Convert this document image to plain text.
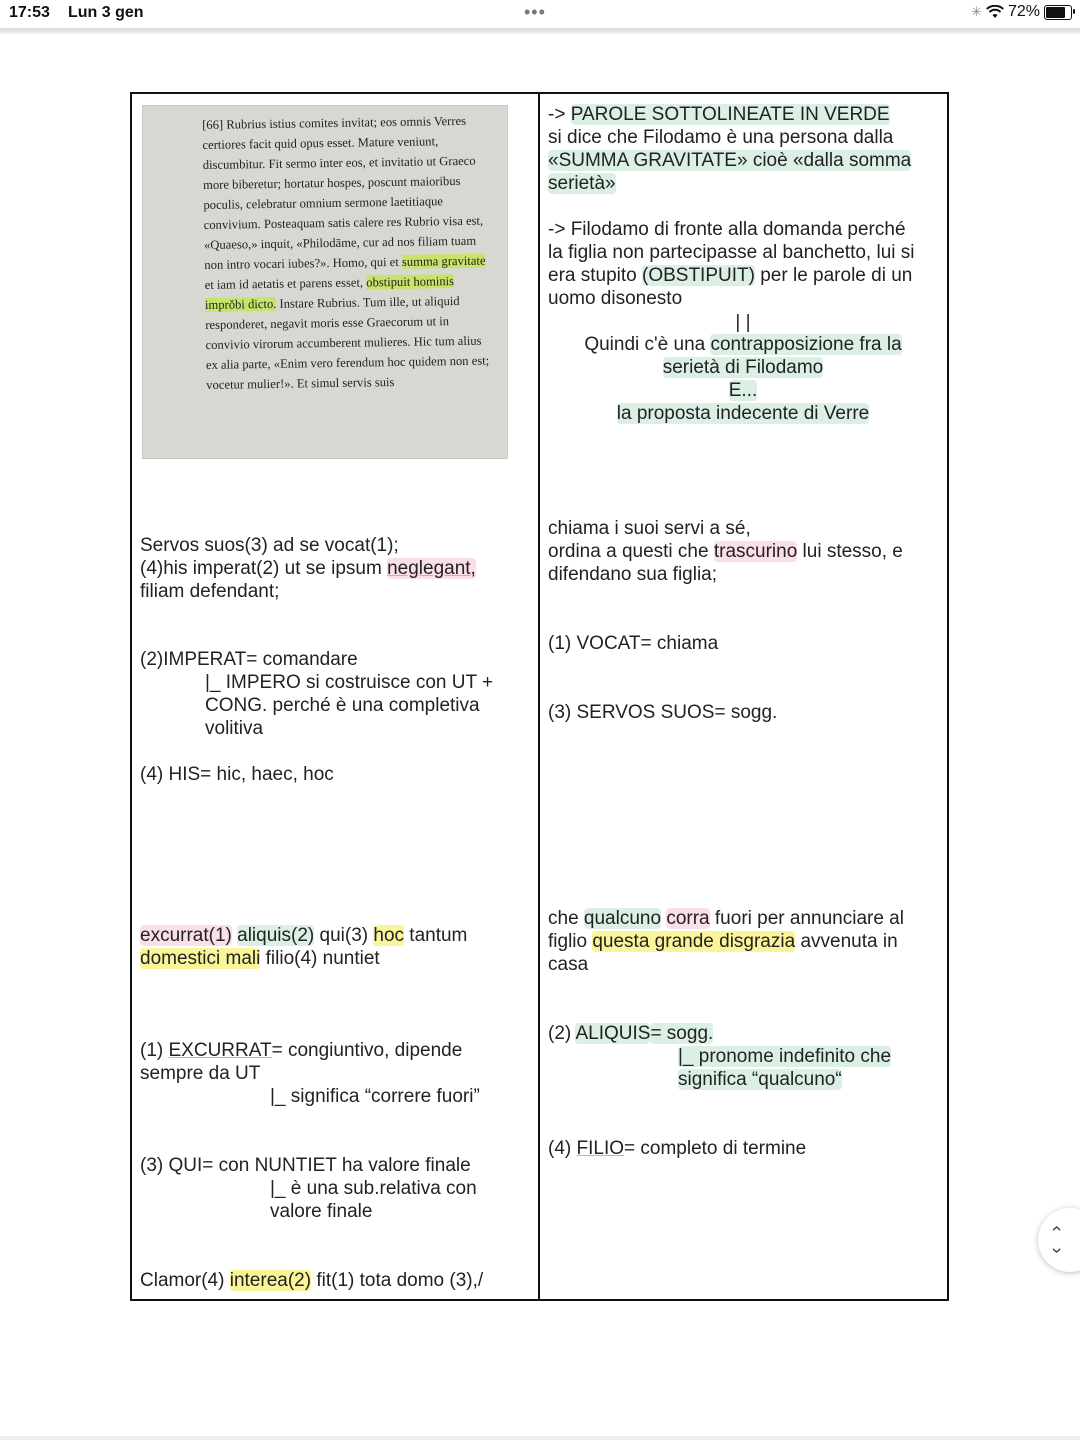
17:53 Lun 3 gen	•••	✳ 72%
[66] Rubrius istius comites invitat; eos omnis Verres certiores facit quid opus esset. Mature veniunt, discumbitur. Fit sermo inter eos, et invitatio ut Graeco more biberetur; hortatur hospes, poscunt maioribus poculis, celebratur omnium sermone laetitiaque convivium. Posteaquam satis calere res Rubrio visa est, «Quaeso,» inquit, «Philodāme, cur ad nos filiam tuam non intro vocari iubes?». Homo, qui et summa gravitate et iam id aetatis et parens esset, obstipuit hominis imprŏbi dicto. Instare Rubrius. Tum ille, ut aliquid responderet, negavit moris esse Graecorum ut in convivio virorum accumberent mulieres. Hic tum alius ex alia parte, «Enim vero ferendum hoc quidem non est; vocetur mulier!». Et simul servis suis
-> PAROLE SOTTOLINEATE IN VERDE
si dice che Filodamo è una persona dalla
«SUMMA GRAVITATE» cioè «dalla somma
serietà»
-> Filodamo di fronte alla domanda perché
la figlia non partecipasse al banchetto, lui si
era stupito (OBSTIPUIT) per le parole di un
uomo disonesto
| |
Quindi c'è una contrapposizione fra la
serietà di Filodamo
E...
la proposta indecente di Verre
Servos suos(3) ad se vocat(1);
(4)his imperat(2) ut se ipsum neglegant,
filiam defendant;
(2)IMPERAT= comandare
|_ IMPERO si costruisce con UT +
CONG. perché è una completiva
volitiva
(4) HIS= hic, haec, hoc
chiama i suoi servi a sé,
ordina a questi che trascurino lui stesso, e
difendano sua figlia;
(1) VOCAT= chiama
(3) SERVOS SUOS= sogg.
excurrat(1) aliquis(2) qui(3) hoc tantum
domestici mali filio(4) nuntiet
(1) EXCURRAT= congiuntivo, dipende
sempre da UT
|_ significa “correre fuori”
(3) QUI= con NUNTIET ha valore finale
|_ è una sub.relativa con
valore finale
Clamor(4) interea(2) fit(1) tota domo (3),/
che qualcuno corra fuori per annunciare al
figlio questa grande disgrazia avvenuta in
casa
(2) ALIQUIS= sogg.
|_ pronome indefinito che
significa “qualcuno“
(4) FILIO= completo di termine
‹
›
